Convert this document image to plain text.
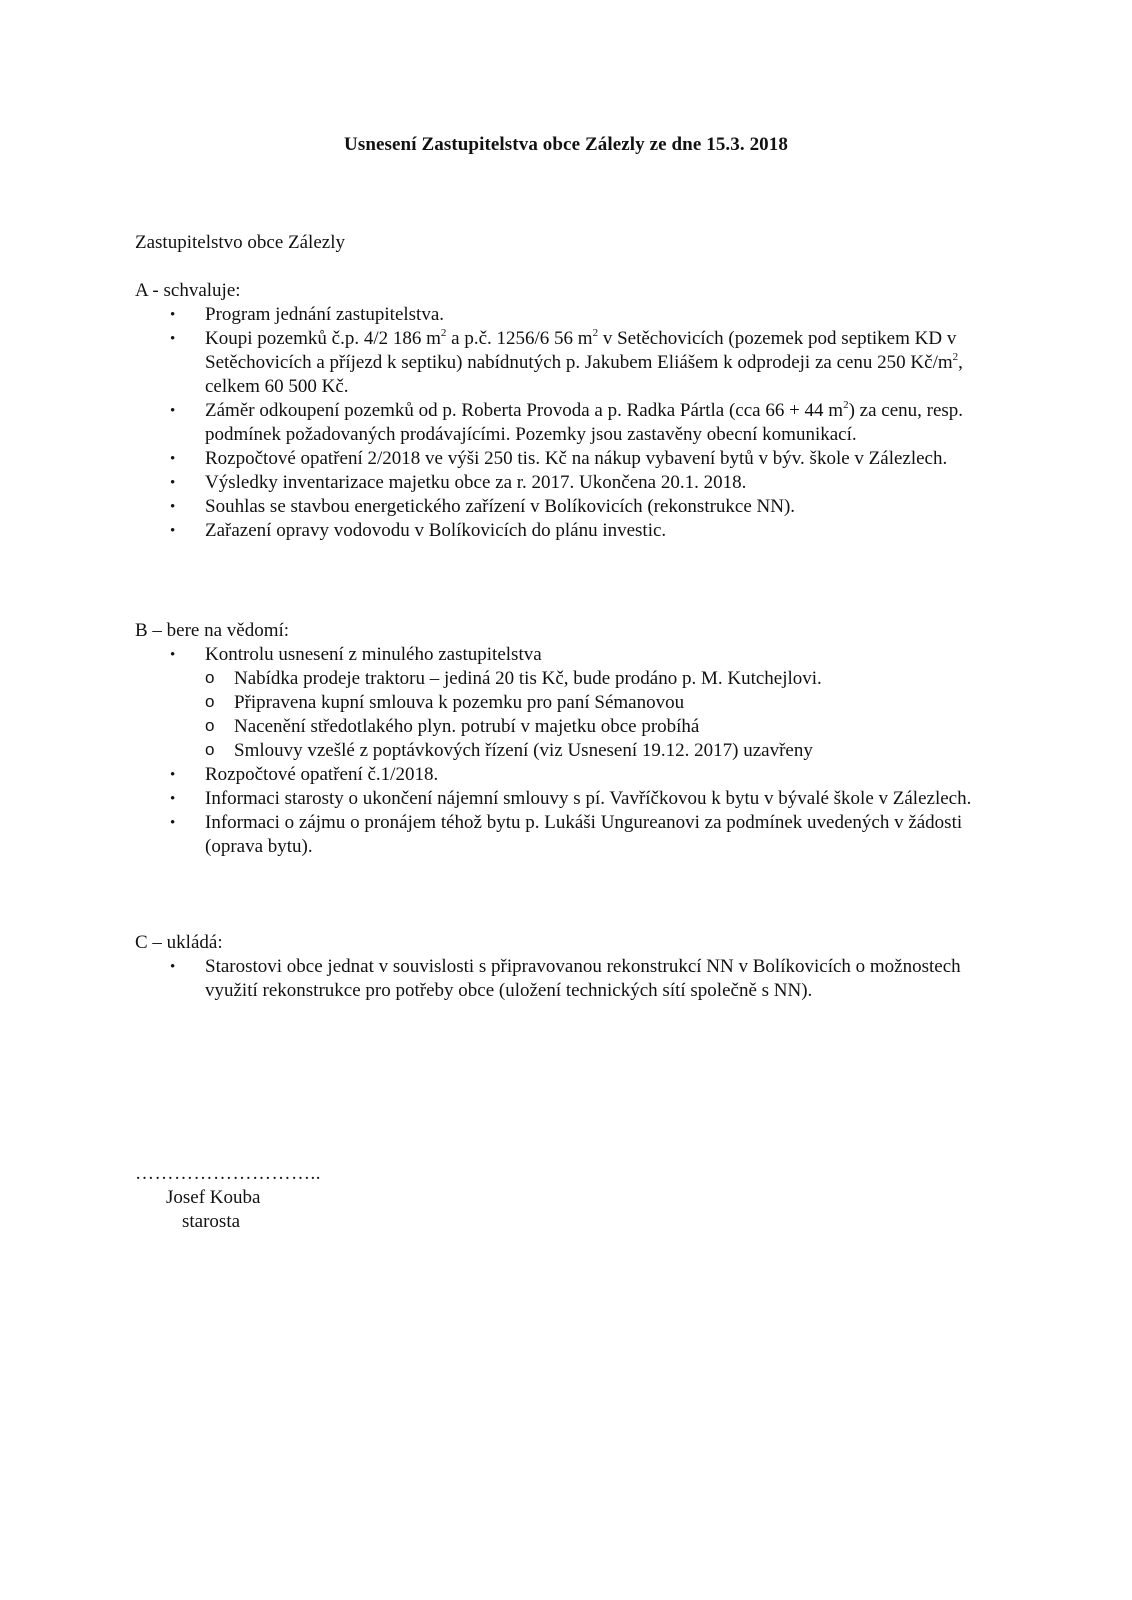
Usnesení Zastupitelstva obce Zálezly ze dne 15.3. 2018

Zastupitelstvo obce Zálezly

A - schvaluje:

• Program jednání zastupitelstva.
• Koupi pozemků č.p. 4/2 186 $m^2$ a p.č. 1256/6 56 $m^2$ v Setěchovicích (pozemek pod septikem KD v Setěchovicích a příjezd k septiku) nabídnutých p. Jakubem Eliášem k odprodeji za cenu 250 $Kč/m^2$, celkem 60 500 Kč.
• Záměr odkoupení pozemků od p. Roberta Provoda a p. Radka Pártla (cca 66 + 44 $m^2$) za cenu, resp. podmínek požadovaných prodávajícími. Pozemky jsou zastavěny obecní komunikací.
• Rozpočtové opatření 2/2018 ve výši 250 tis. Kč na nákup vybavení bytů v býv. škole v Zálezlech.
• Výsledky inventarizace majetku obce za r. 2017. Ukončena 20.1. 2018.
• Souhlas se stavbou energetického zařízení v Bolíkovicích (rekonstrukce NN).
• Zařazení opravy vodovodu v Bolíkovicích do plánu investic.

B – bere na vědomí:

• Kontrolu usnesení z minulého zastupitelstva
o Nabídka prodeje traktoru – jediná 20 tis Kč, bude prodáno p. M. Kutchejlovi.
o Připravena kupní smlouva k pozemku pro paní Sémanovou
o Nacenění středotlakého plyn. potrubí v majetku obce probíhá
o Smlouvy vzešlé z poptávkových řízení (viz Usnesení 19.12. 2017) uzavřeny
• Rozpočtové opatření č.1/2018.
• Informaci starosty o ukončení nájemní smlouvy s pí. Vavříčkovou k bytu v bývalé škole v Zálezlech.
• Informaci o zájmu o pronájem téhož bytu p. Lukáši Ungureanovi za podmínek uvedených v žádosti (oprava bytu).

C – ukládá:

• Starostovi obce jednat v souvislosti s připravovanou rekonstrukcí NN v Bolíkovicích o možnostech využití rekonstrukce pro potřeby obce (uložení technických sítí společně s NN).

………………………..

Josef Kouba

starosta
